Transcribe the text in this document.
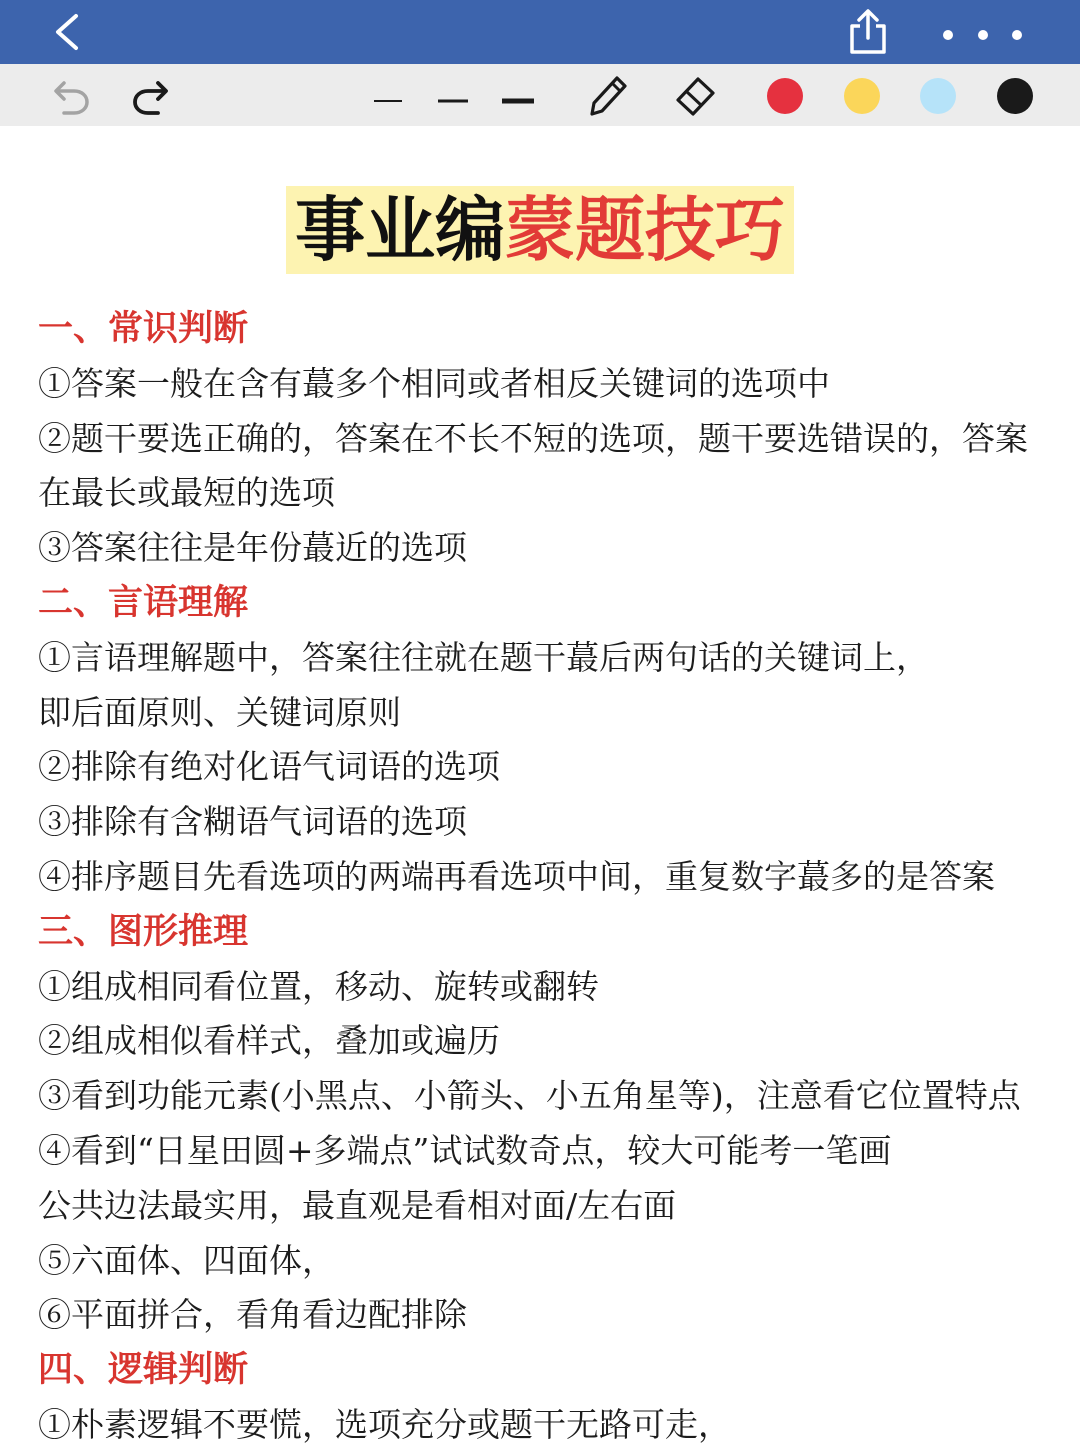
事业编蒙题技巧
一、常识判断
①答案一般在含有蕞多个相同或者相反关键词的选项中
②题干要选正确的，答案在不长不短的选项，题干要选错误的，答案
在最长或最短的选项
③答案往往是年份蕞近的选项
二、言语理解
①言语理解题中，答案往往就在题干蕞后两句话的关键词上，
即后面原则、关键词原则
②排除有绝对化语气词语的选项
③排除有含糊语气词语的选项
④排序题目先看选项的两端再看选项中间，重复数字蕞多的是答案
三、图形推理
①组成相同看位置，移动、旋转或翻转
②组成相似看样式，叠加或遍历
③看到功能元素(小黑点、小箭头、小五角星等)，注意看它位置特点
④看到“日星田圆+多端点”试试数奇点，较大可能考一笔画
公共边法最实用，最直观是看相对面/左右面
⑤六面体、四面体，
⑥平面拼合，看角看边配排除
四、逻辑判断
①朴素逻辑不要慌，选项充分或题干无路可走，
